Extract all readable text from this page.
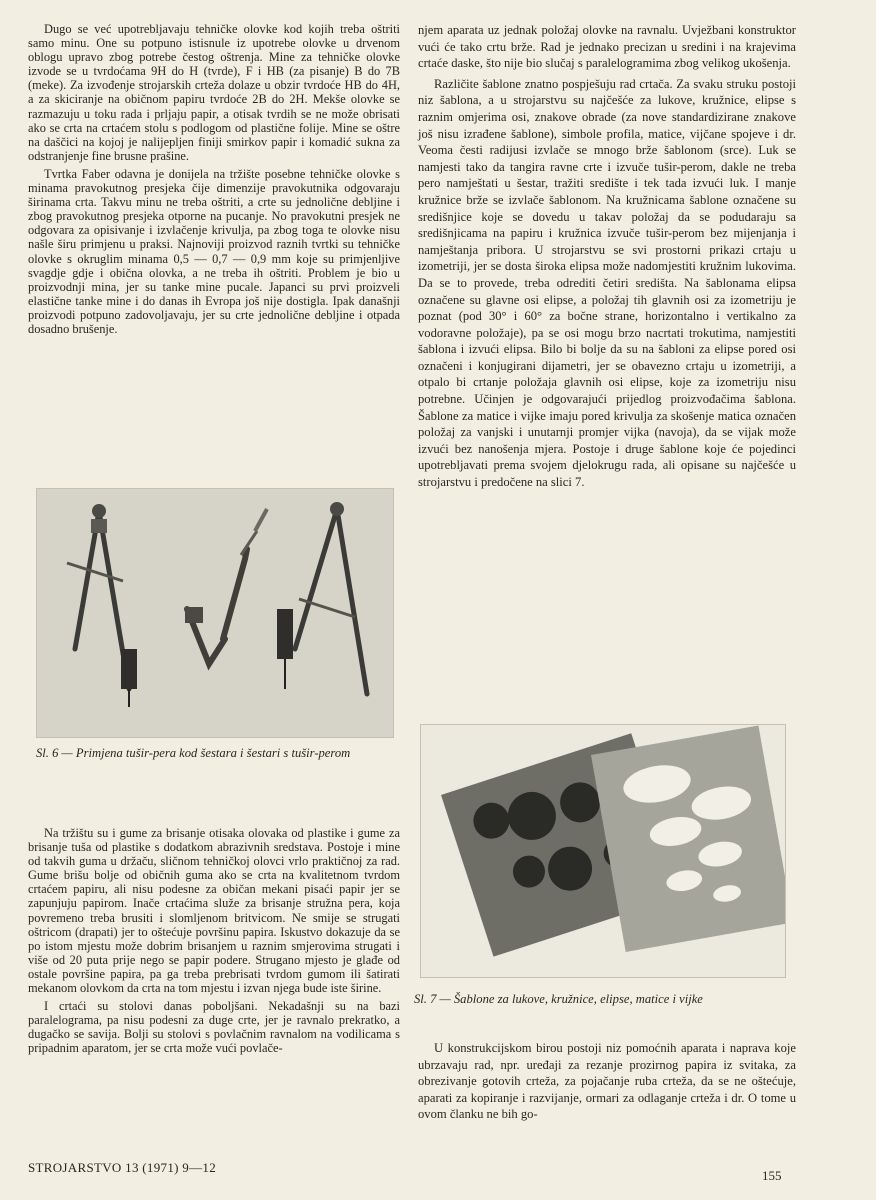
Dugo se već upotrebljavaju tehničke olovke kod kojih treba oštriti samo minu. One su potpuno istisnule iz upotrebe olovke u drvenom oblogu upravo zbog potrebe čestog oštrenja. Mine za tehničke olovke izvode se u tvrdoćama 9H do H (tvrde), F i HB (za pisanje) B do 7B (meke). Za izvođenje strojarskih crteža dolaze u obzir tvrdoće HB do 4H, a za skiciranje na običnom papiru tvrdoće 2B do 2H. Mekše olovke se razmazuju u toku rada i prljaju papir, a otisak tvrdih se ne može obrisati ako se crta na crtaćem stolu s podlogom od plastične folije. Mine se oštre na daščici na kojoj je nalijepljen finiji smirkov papir i komadić sukna za odstranjenje fine brusne prašine.

Tvrtka Faber odavna je donijela na tržište posebne tehničke olovke s minama pravokutnog presjeka čije dimenzije pravokutnika odgovaraju širinama crta. Takvu minu ne treba oštriti, a crte su jednolične debljine i zbog pravokutnog presjeka otporne na pucanje. No pravokutni presjek ne odgovara za opisivanje i izvlačenje krivulja, pa zbog toga te olovke nisu našle širu primjenu u praksi. Najnoviji proizvod raznih tvrtki su tehničke olovke s okruglim minama 0,5 — 0,7 — 0,9 mm koje su primjenljive svagdje gdje i obična olovka, a ne treba ih oštriti. Problem je bio u proizvodnji mina, jer su tanke mine pucale. Japanci su prvi proizveli elastične tanke mine i do danas ih Evropa još nije dostigla. Ipak današnji proizvodi potpuno zadovoljavaju, jer su crte jednolične debljine i otpada dosadno brušenje.

Sl. 6 — Primjena tušir-pera kod šestara i šestari s tušir-perom

Na tržištu su i gume za brisanje otisaka olovaka od plastike i gume za brisanje tuša od plastike s dodatkom abrazivnih sredstava. Postoje i mine od takvih guma u držaču, sličnom tehničkoj olovci vrlo praktičnoj za rad. Gume brišu bolje od običnih guma ako se crta na kvalitetnom tvrdom crtaćem papiru, ali nisu podesne za običan mekani pisaći papir jer se zapunjuju papirom. Inače crtaćima služe za brisanje stružna pera, koja povremeno treba brusiti i slomljenom britvicom. Ne smije se strugati oštricom (drapati) jer to oštećuje površinu papira. Iskustvo dokazuje da se po istom mjestu može dobrim brisanjem u raznim smjerovima strugati i više od 20 puta prije nego se papir podere. Strugano mjesto je glađe od ostale površine papira, pa ga treba prebrisati tvrdom gumom ili šatirati mekanom olovkom da crta na tom mjestu i izvan njega bude iste širine.

I crtaći su stolovi danas poboljšani. Nekadašnji su na bazi paralelograma, pa nisu podesni za duge crte, jer je ravnalo prekratko, a dugačko se savija. Bolji su stolovi s povlačnim ravnalom na vodilicama s pripadnim aparatom, jer se crta može vući povlače-

njem aparata uz jednak položaj olovke na ravnalu. Uvježbani konstruktor vući će tako crtu brže. Rad je jednako precizan u sredini i na krajevima crtaće daske, što nije bio slučaj s paralelogramima zbog velikog ukošenja.

Različite šablone znatno pospješuju rad crtača. Za svaku struku postoji niz šablona, a u strojarstvu su najčešće za lukove, kružnice, elipse s raznim omjerima osi, znakove obrade (za nove standardizirane znakove još nisu izrađene šablone), simbole profila, matice, vijčane spojeve i dr. Veoma česti radijusi izvlače se mnogo brže šablonom (srce). Luk se namjesti tako da tangira ravne crte i izvuče tušir-perom, dakle ne treba pero namještati u šestar, tražiti središte i tek tada izvući luk. I manje kružnice brže se izvlače šablonom. Na kružnicama šablone označene su središnjice koje se dovedu u takav položaj da se podudaraju sa središnjicama na papiru i kružnica izvuče tušir-perom bez mijenjanja i namještanja pribora. U strojarstvu se svi prostorni prikazi crtaju u izometriji, jer se dosta široka elipsa može nadomjestiti kružnim lukovima. Da se to provede, treba odrediti četiri središta. Na šablonama elipsa označene su glavne osi elipse, a položaj tih glavnih osi za izometriju je poznat (pod 30° i 60° za bočne strane, horizontalno i vertikalno za vodoravne položaje), pa se osi mogu brzo nacrtati trokutima, namjestiti šablona i izvući elipsa. Bilo bi bolje da su na šabloni za elipse pored osi označeni i konjugirani dijametri, jer se obavezno crtaju u izometriji, a otpalo bi crtanje položaja glavnih osi elipse, koje za izometriju nisu potrebne. Učinjen je odgovarajući prijedlog proizvođačima šablona. Šablone za matice i vijke imaju pored krivulja za skošenje matica označen položaj za vanjski i unutarnji promjer vijka (navoja), da se vijak može izvući bez nanošenja mjera. Postoje i druge šablone koje će pojedinci upotrebljavati prema svojem djelokrugu rada, ali opisane su najčešće u strojarstvu i predočene na slici 7.

Sl. 7 — Šablone za lukove, kružnice, elipse, matice i vijke

U konstrukcijskom birou postoji niz pomoćnih aparata i naprava koje ubrzavaju rad, npr. uređaji za rezanje prozirnog papira iz svitaka, za obrezivanje gotovih crteža, za pojačanje ruba crteža, da se ne oštećuje, aparati za kopiranje i razvijanje, ormari za odlaganje crteža i dr. O tome u ovom članku ne bih go-

STROJARSTVO 13 (1971) 9—12
155
